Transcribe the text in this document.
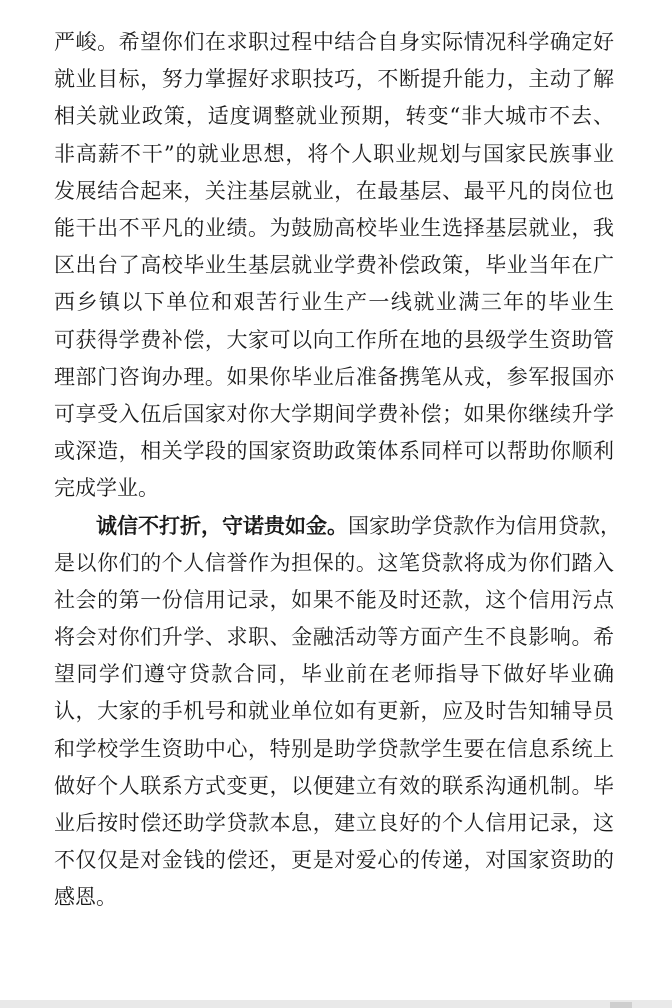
严峻。希望你们在求职过程中结合自身实际情况科学确定好
就业目标，努力掌握好求职技巧，不断提升能力，主动了解
相关就业政策，适度调整就业预期，转变“非大城市不去、
非高薪不干”的就业思想，将个人职业规划与国家民族事业
发展结合起来，关注基层就业，在最基层、最平凡的岗位也
能干出不平凡的业绩。为鼓励高校毕业生选择基层就业，我
区出台了高校毕业生基层就业学费补偿政策，毕业当年在广
西乡镇以下单位和艰苦行业生产一线就业满三年的毕业生
可获得学费补偿，大家可以向工作所在地的县级学生资助管
理部门咨询办理。如果你毕业后准备携笔从戎，参军报国亦
可享受入伍后国家对你大学期间学费补偿；如果你继续升学
或深造，相关学段的国家资助政策体系同样可以帮助你顺利
完成学业。
诚信不打折，守诺贵如金。国家助学贷款作为信用贷款，
是以你们的个人信誉作为担保的。这笔贷款将成为你们踏入
社会的第一份信用记录，如果不能及时还款，这个信用污点
将会对你们升学、求职、金融活动等方面产生不良影响。希
望同学们遵守贷款合同，毕业前在老师指导下做好毕业确
认，大家的手机号和就业单位如有更新，应及时告知辅导员
和学校学生资助中心，特别是助学贷款学生要在信息系统上
做好个人联系方式变更，以便建立有效的联系沟通机制。毕
业后按时偿还助学贷款本息，建立良好的个人信用记录，这
不仅仅是对金钱的偿还，更是对爱心的传递，对国家资助的
感恩。
